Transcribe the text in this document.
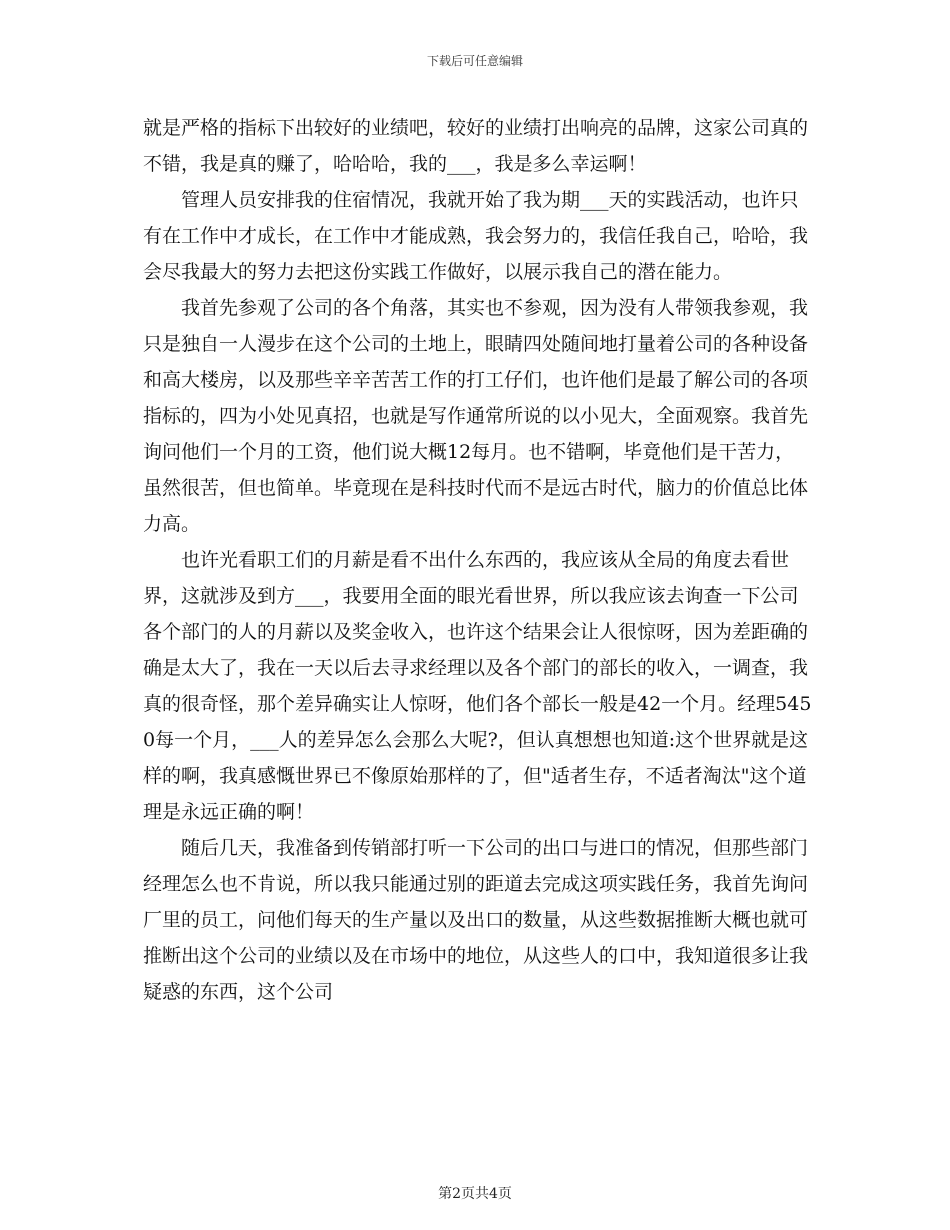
下载后可任意编辑

就是严格的指标下出较好的业绩吧，较好的业绩打出响亮的品牌，这家公司真的不错，我是真的赚了，哈哈哈，我的___，我是多么幸运啊！

管理人员安排我的住宿情况，我就开始了我为期___天的实践活动，也许只有在工作中才成长，在工作中才能成熟，我会努力的，我信任我自己，哈哈，我会尽我最大的努力去把这份实践工作做好，以展示我自己的潜在能力。

我首先参观了公司的各个角落，其实也不参观，因为没有人带领我参观，我只是独自一人漫步在这个公司的土地上，眼睛四处随间地打量着公司的各种设备和高大楼房，以及那些辛辛苦苦工作的打工仔们，也许他们是最了解公司的各项指标的，四为小处见真招，也就是写作通常所说的以小见大，全面观察。我首先询问他们一个月的工资，他们说大概12每月。也不错啊，毕竟他们是干苦力，虽然很苦，但也简单。毕竟现在是科技时代而不是远古时代，脑力的价值总比体力高。

也许光看职工们的月薪是看不出什么东西的，我应该从全局的角度去看世界，这就涉及到方___，我要用全面的眼光看世界，所以我应该去询查一下公司各个部门的人的月薪以及奖金收入，也许这个结果会让人很惊呀，因为差距确的确是太大了，我在一天以后去寻求经理以及各个部门的部长的收入，一调查，我真的很奇怪，那个差异确实让人惊呀，他们各个部长一般是42一个月。经理5450每一个月，___人的差异怎么会那么大呢?，但认真想想也知道:这个世界就是这样的啊，我真感慨世界已不像原始那样的了，但"适者生存，不适者淘汰"这个道理是永远正确的啊！

随后几天，我准备到传销部打听一下公司的出口与进口的情况，但那些部门经理怎么也不肯说，所以我只能通过别的距道去完成这项实践任务，我首先询问厂里的员工，问他们每天的生产量以及出口的数量，从这些数据推断大概也就可推断出这个公司的业绩以及在市场中的地位，从这些人的口中，我知道很多让我疑惑的东西，这个公司

第2页共4页
